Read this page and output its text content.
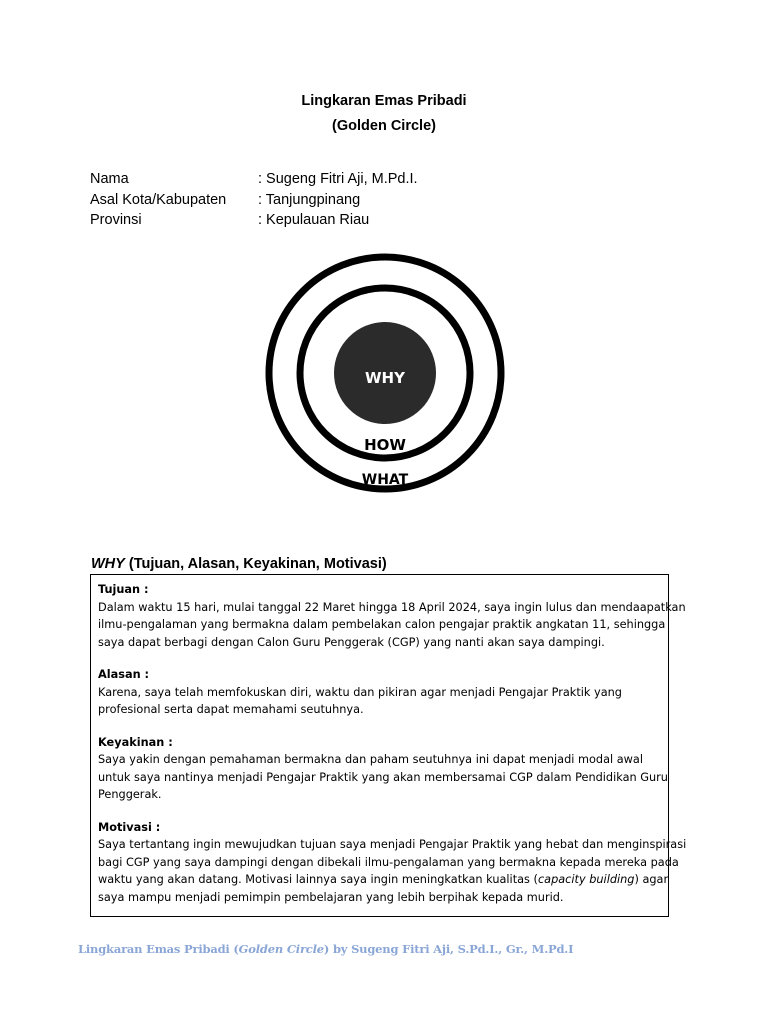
Lingkaran Emas Pribadi
(Golden Circle)
Nama	: Sugeng Fitri Aji, M.Pd.I.
Asal Kota/Kabupaten	: Tanjungpinang
Provinsi	: Kepulauan Riau
WHY
HOW
WHAT
WHY (Tujuan, Alasan, Keyakinan, Motivasi)

Tujuan :
Dalam waktu 15 hari, mulai tanggal 22 Maret hingga 18 April 2024, saya ingin lulus dan mendaapatkan
ilmu-pengalaman yang bermakna dalam pembelakan calon pengajar praktik angkatan 11, sehingga
saya dapat berbagi dengan Calon Guru Penggerak (CGP) yang nanti akan saya dampingi.

Alasan :
Karena, saya telah memfokuskan diri, waktu dan pikiran agar menjadi Pengajar Praktik yang
profesional serta dapat memahami seutuhnya.

Keyakinan :
Saya yakin dengan pemahaman bermakna dan paham seutuhnya ini dapat menjadi modal awal
untuk saya nantinya menjadi Pengajar Praktik yang akan membersamai CGP dalam Pendidikan Guru
Penggerak.

Motivasi :
Saya tertantang ingin mewujudkan tujuan saya menjadi Pengajar Praktik yang hebat dan menginspirasi
bagi CGP yang saya dampingi dengan dibekali ilmu-pengalaman yang bermakna kepada mereka pada
waktu yang akan datang. Motivasi lainnya saya ingin meningkatkan kualitas (capacity building) agar
saya mampu menjadi pemimpin pembelajaran yang lebih berpihak kepada murid.

Lingkaran Emas Pribadi (Golden Circle) by Sugeng Fitri Aji, S.Pd.I., Gr., M.Pd.I
